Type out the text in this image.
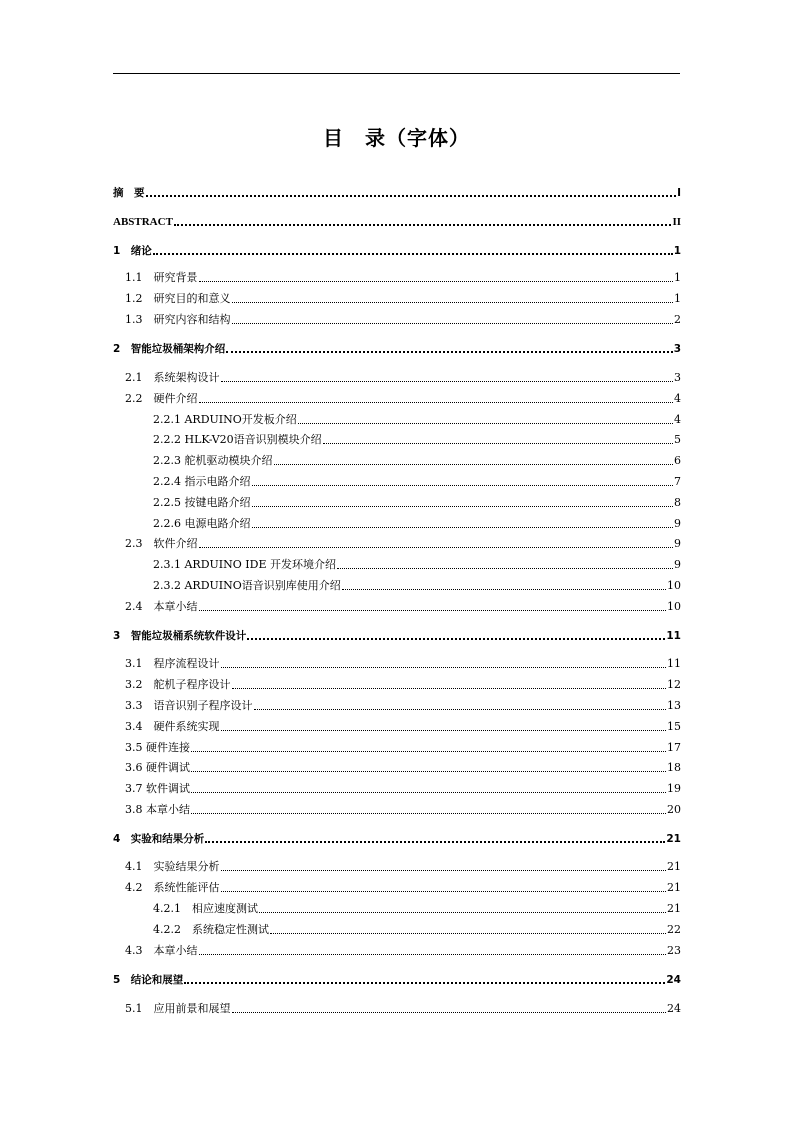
目　录（字体）
摘　要	I
ABSTRACT	II
1　绪论	1
1.1　研究背景	1
1.2　研究目的和意义	1
1.3　研究内容和结构	2
2　智能垃圾桶架构介绍	3
2.1　系统架构设计	3
2.2　硬件介绍	4
2.2.1 ARDUINO开发板介绍	4
2.2.2 HLK-V20语音识别模块介绍	5
2.2.3 舵机驱动模块介绍	6
2.2.4 指示电路介绍	7
2.2.5 按键电路介绍	8
2.2.6 电源电路介绍	9
2.3　软件介绍	9
2.3.1 ARDUINO IDE 开发环境介绍	9
2.3.2 ARDUINO语音识别库使用介绍	10
2.4　本章小结	10
3　智能垃圾桶系统软件设计	11
3.1　程序流程设计	11
3.2　舵机子程序设计	12
3.3　语音识别子程序设计	13
3.4　硬件系统实现	15
3.5 硬件连接	17
3.6 硬件调试	18
3.7 软件调试	19
3.8 本章小结	20
4　实验和结果分析	21
4.1　实验结果分析	21
4.2　系统性能评估	21
4.2.1　相应速度测试	21
4.2.2　系统稳定性测试	22
4.3　本章小结	23
5　结论和展望	24
5.1　应用前景和展望	24
